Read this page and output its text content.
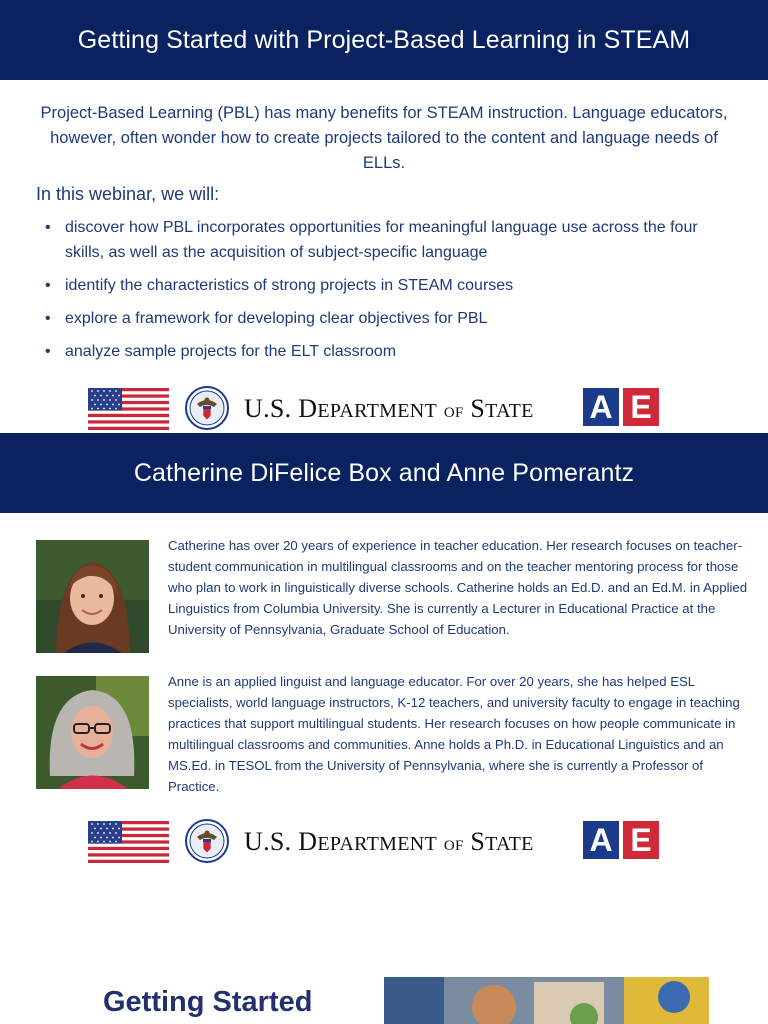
Getting Started with Project-Based Learning in STEAM

Project-Based Learning (PBL) has many benefits for STEAM instruction. Language educators, however, often wonder how to create projects tailored to the content and language needs of ELLs.

In this webinar, we will:

• discover how PBL incorporates opportunities for meaningful language use across the four skills, as well as the acquisition of subject-specific language
• identify the characteristics of strong projects in STEAM courses
• explore a framework for developing clear objectives for PBL
• analyze sample projects for the ELT classroom
U.S. DEPARTMENT OF STATE A E
Catherine DiFelice Box and Anne Pomerantz

Catherine has over 20 years of experience in teacher education. Her research focuses on teacher-student communication in multilingual classrooms and on the teacher mentoring process for those who plan to work in linguistically diverse schools. Catherine holds an Ed.D. and an Ed.M. in Applied Linguistics from Columbia University. She is currently a Lecturer in Educational Practice at the University of Pennsylvania, Graduate School of Education.

Anne is an applied linguist and language educator. For over 20 years, she has helped ESL specialists, world language instructors, K-12 teachers, and university faculty to engage in teaching practices that support multilingual students. Her research focuses on how people communicate in multilingual classrooms and communities. Anne holds a Ph.D. in Educational Linguistics and an MS.Ed. in TESOL from the University of Pennsylvania, where she is currently a Professor of Practice.

U.S. DEPARTMENT OF STATE A E
Getting Started
